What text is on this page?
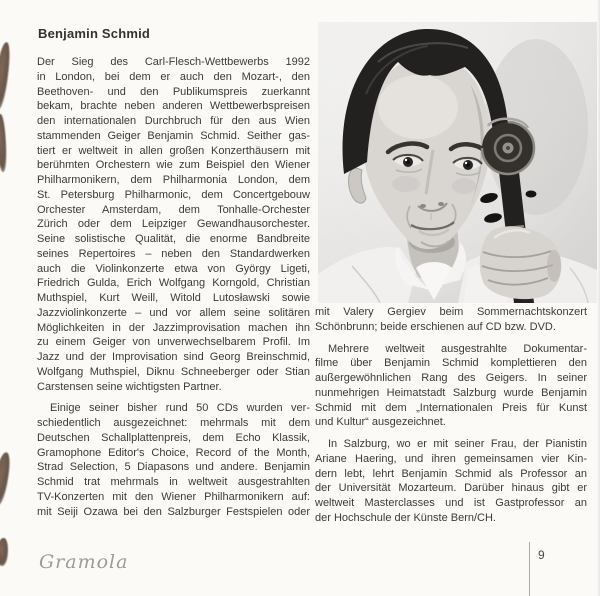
Benjamin Schmid
Der Sieg des Carl-Flesch-Wettbewerbs 1992
in London, bei dem er auch den Mozart-, den
Beethoven- und den Publikumspreis zuerkannt
bekam, brachte neben anderen Wettbewerbspreisen
den internationalen Durchbruch für den aus Wien
stammenden Geiger Benjamin Schmid. Seither gas-
tiert er weltweit in allen großen Konzerthäusern mit
berühmten Orchestern wie zum Beispiel den Wiener
Philharmonikern, dem Philharmonia London, dem
St. Petersburg Philharmonic, dem Concertgebouw
Orchester Amsterdam, dem Tonhalle-Orchester
Zürich oder dem Leipziger Gewandhausorchester.
Seine solistische Qualität, die enorme Bandbreite
seines Repertoires – neben den Standardwerken
auch die Violinkonzerte etwa von György Ligeti,
Friedrich Gulda, Erich Wolfgang Korngold, Christian
Muthspiel, Kurt Weill, Witold Lutosławski sowie
Jazzviolinkonzerte – und vor allem seine solitären
Möglichkeiten in der Jazzimprovisation machen ihn
zu einem Geiger von unverwechselbarem Profil. Im
Jazz und der Improvisation sind Georg Breinschmid,
Wolfgang Muthspiel, Diknu Schneeberger oder Stian
Carstensen seine wichtigsten Partner.
Einige seiner bisher rund 50 CDs wurden ver-
schiedentlich ausgezeichnet: mehrmals mit dem
Deutschen Schallplattenpreis, dem Echo Klassik,
Gramophone Editor's Choice, Record of the Month,
Strad Selection, 5 Diapasons und andere. Benjamin
Schmid trat mehrmals in weltweit ausgestrahlten
TV-Konzerten mit den Wiener Philharmonikern auf:
mit Seiji Ozawa bei den Salzburger Festspielen oder
mit Valery Gergiev beim Sommernachtskonzert
Schönbrunn; beide erschienen auf CD bzw. DVD.
Mehrere weltweit ausgestrahlte Dokumentar-
filme über Benjamin Schmid komplettieren den
außergewöhnlichen Rang des Geigers. In seiner
nunmehrigen Heimatstadt Salzburg wurde Benjamin
Schmid mit dem „Internationalen Preis für Kunst
und Kultur“ ausgezeichnet.
In Salzburg, wo er mit seiner Frau, der Pianistin
Ariane Haering, und ihren gemeinsamen vier Kin-
dern lebt, lehrt Benjamin Schmid als Professor an
der Universität Mozarteum. Darüber hinaus gibt er
weltweit Masterclasses und ist Gastprofessor an
der Hochschule der Künste Bern/CH.
Gramola	9
